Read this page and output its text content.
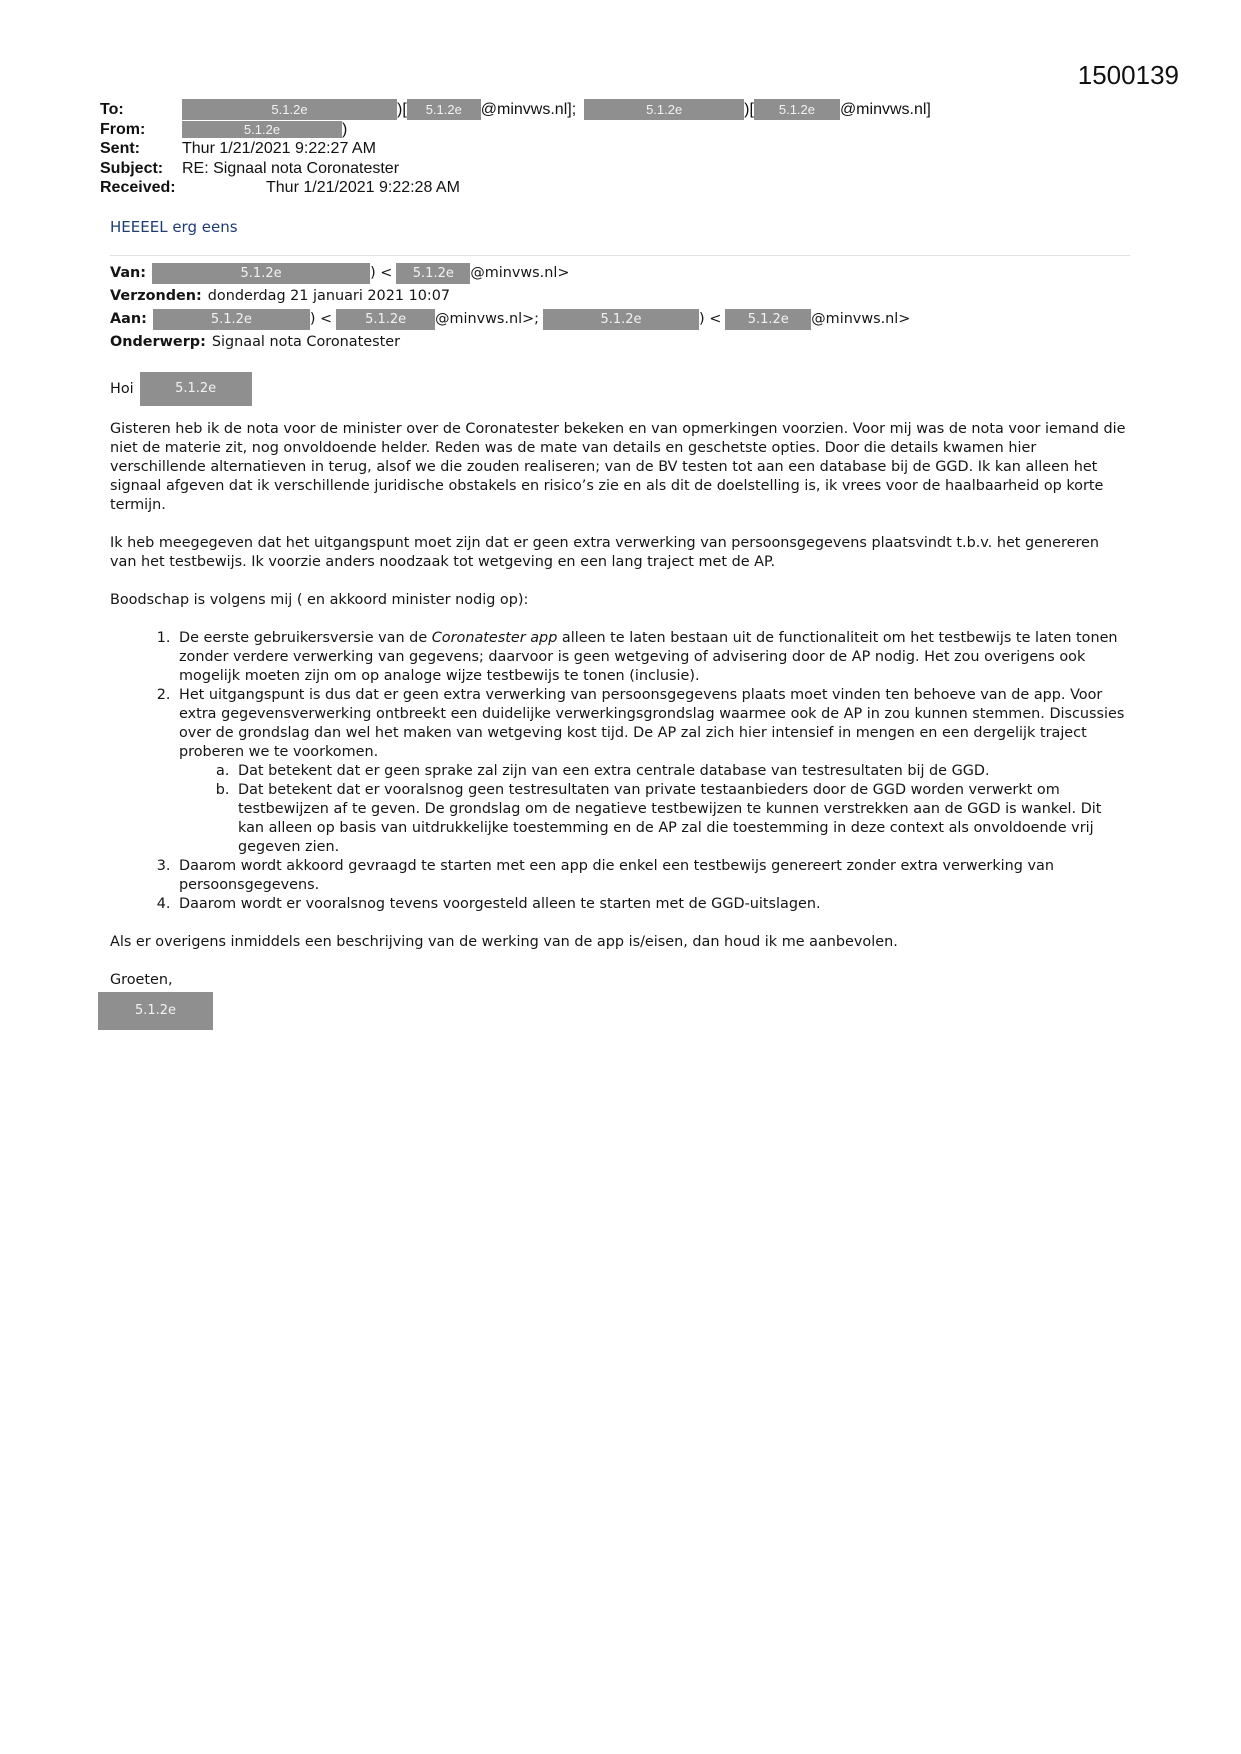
1500139
To:	5.1.2e	)[	5.1.2e	@minvws.nl];	5.1.2e	)[	5.1.2e	@minvws.nl]
From:	5.1.2e	)
Sent:	Thur 1/21/2021 9:22:27 AM
Subject:	RE: Signaal nota Coronatester
Received:	Thur 1/21/2021 9:22:28 AM
HEEEEL erg eens
Van:	5.1.2e	) <	5.1.2e	@minvws.nl>
Verzonden: donderdag 21 januari 2021 10:07
Aan:	5.1.2e	) <	5.1.2e	@minvws.nl>;	5.1.2e	) <	5.1.2e	@minvws.nl>
Onderwerp: Signaal nota Coronatester
Hoi	5.1.2e

Gisteren heb ik de nota voor de minister over de Coronatester bekeken en van opmerkingen voorzien. Voor mij was de nota voor iemand die niet de materie zit, nog onvoldoende helder. Reden was de mate van details en geschetste opties. Door die details kwamen hier verschillende alternatieven in terug, alsof we die zouden realiseren; van de BV testen tot aan een database bij de GGD. Ik kan alleen het signaal afgeven dat ik verschillende juridische obstakels en risico’s zie en als dit de doelstelling is, ik vrees voor de haalbaarheid op korte termijn.

Ik heb meegegeven dat het uitgangspunt moet zijn dat er geen extra verwerking van persoonsgegevens plaatsvindt t.b.v. het genereren van het testbewijs. Ik voorzie anders noodzaak tot wetgeving en een lang traject met de AP.

Boodschap is volgens mij ( en akkoord minister nodig op):

1. De eerste gebruikersversie van de Coronatester app alleen te laten bestaan uit de functionaliteit om het testbewijs te laten tonen zonder verdere verwerking van gegevens; daarvoor is geen wetgeving of advisering door de AP nodig. Het zou overigens ook mogelijk moeten zijn om op analoge wijze testbewijs te tonen (inclusie).
2. Het uitgangspunt is dus dat er geen extra verwerking van persoonsgegevens plaats moet vinden ten behoeve van de app. Voor extra gegevensverwerking ontbreekt een duidelijke verwerkingsgrondslag waarmee ook de AP in zou kunnen stemmen. Discussies over de grondslag dan wel het maken van wetgeving kost tijd. De AP zal zich hier intensief in mengen en een dergelijk traject proberen we te voorkomen.
a. Dat betekent dat er geen sprake zal zijn van een extra centrale database van testresultaten bij de GGD.
b. Dat betekent dat er vooralsnog geen testresultaten van private testaanbieders door de GGD worden verwerkt om testbewijzen af te geven. De grondslag om de negatieve testbewijzen te kunnen verstrekken aan de GGD is wankel. Dit kan alleen op basis van uitdrukkelijke toestemming en de AP zal die toestemming in deze context als onvoldoende vrij gegeven zien.
3. Daarom wordt akkoord gevraagd te starten met een app die enkel een testbewijs genereert zonder extra verwerking van persoonsgegevens.
4. Daarom wordt er vooralsnog tevens voorgesteld alleen te starten met de GGD-uitslagen.

Als er overigens inmiddels een beschrijving van de werking van de app is/eisen, dan houd ik me aanbevolen.

Groeten,
5.1.2e
